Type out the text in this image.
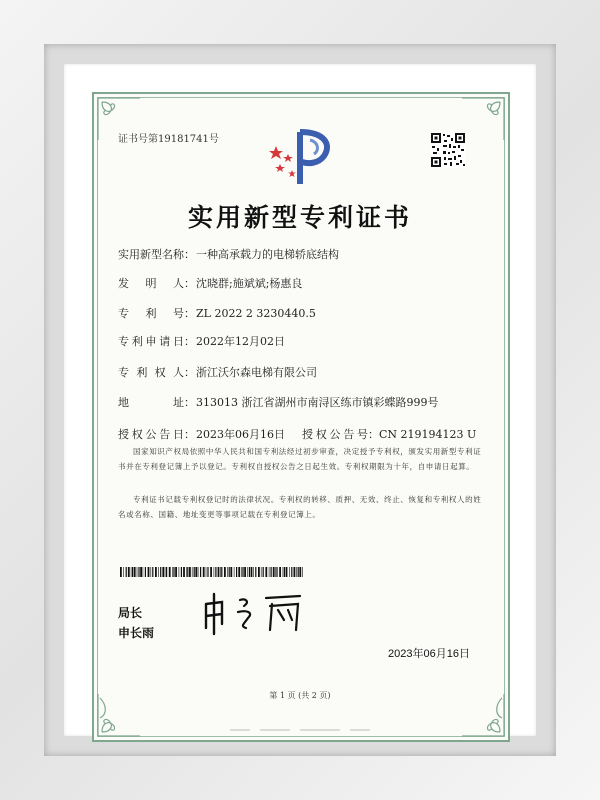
证书号第19181741号
实用新型专利证书
实用新型名称：一种高承载力的电梯轿底结构
发　明　人：沈晓群;施斌斌;杨惠良
专　利　号：ZL 2022 2 3230440.5
专利申请日：2022年12月02日
专利权人：浙江沃尔森电梯有限公司
地　址：313013 浙江省湖州市南浔区练市镇彩蝶路999号
授权公告日：2023年06月16日 授权公告号：CN 219194123 U
国家知识产权局依照中华人民共和国专利法经过初步审查，决定授予专利权，颁发实用新型专利证书并在专利登记簿上予以登记。专利权自授权公告之日起生效。专利权期限为十年，自申请日起算。
专利证书记载专利权登记时的法律状况。专利权的转移、质押、无效、终止、恢复和专利权人的姓名或名称、国籍、地址变更等事项记载在专利登记簿上。
局长
申长雨
2023年06月16日
第 1 页 (共 2 页)
